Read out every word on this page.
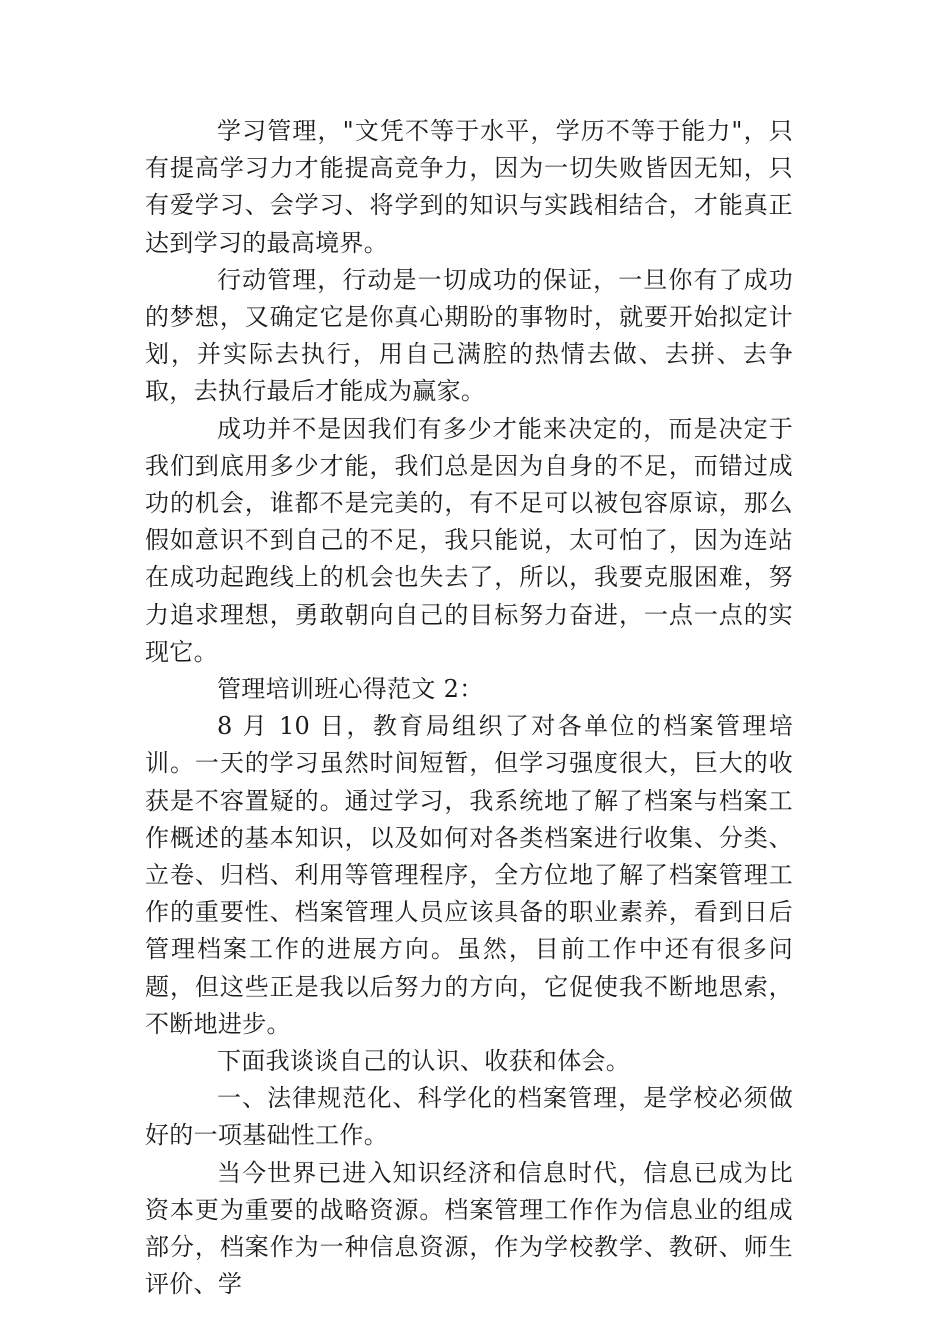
学习管理，"文凭不等于水平，学历不等于能力"，只有提高学习力才能提高竞争力，因为一切失败皆因无知，只有爱学习、会学习、将学到的知识与实践相结合，才能真正达到学习的最高境界。

行动管理，行动是一切成功的保证，一旦你有了成功的梦想，又确定它是你真心期盼的事物时，就要开始拟定计划，并实际去执行，用自己满腔的热情去做、去拼、去争取，去执行最后才能成为赢家。

成功并不是因我们有多少才能来决定的，而是决定于我们到底用多少才能，我们总是因为自身的不足，而错过成功的机会，谁都不是完美的，有不足可以被包容原谅，那么假如意识不到自己的不足，我只能说，太可怕了，因为连站在成功起跑线上的机会也失去了，所以，我要克服困难，努力追求理想，勇敢朝向自己的目标努力奋进，一点一点的实现它。

管理培训班心得范文 2：

8 月 10 日，教育局组织了对各单位的档案管理培训。一天的学习虽然时间短暂，但学习强度很大，巨大的收获是不容置疑的。通过学习，我系统地了解了档案与档案工作概述的基本知识，以及如何对各类档案进行收集、分类、立卷、归档、利用等管理程序，全方位地了解了档案管理工作的重要性、档案管理人员应该具备的职业素养，看到日后管理档案工作的进展方向。虽然，目前工作中还有很多问题，但这些正是我以后努力的方向，它促使我不断地思索，不断地进步。

下面我谈谈自己的认识、收获和体会。

一、法律规范化、科学化的档案管理，是学校必须做好的一项基础性工作。

当今世界已进入知识经济和信息时代，信息已成为比资本更为重要的战略资源。档案管理工作作为信息业的组成部分，档案作为一种信息资源，作为学校教学、教研、师生评价、学
